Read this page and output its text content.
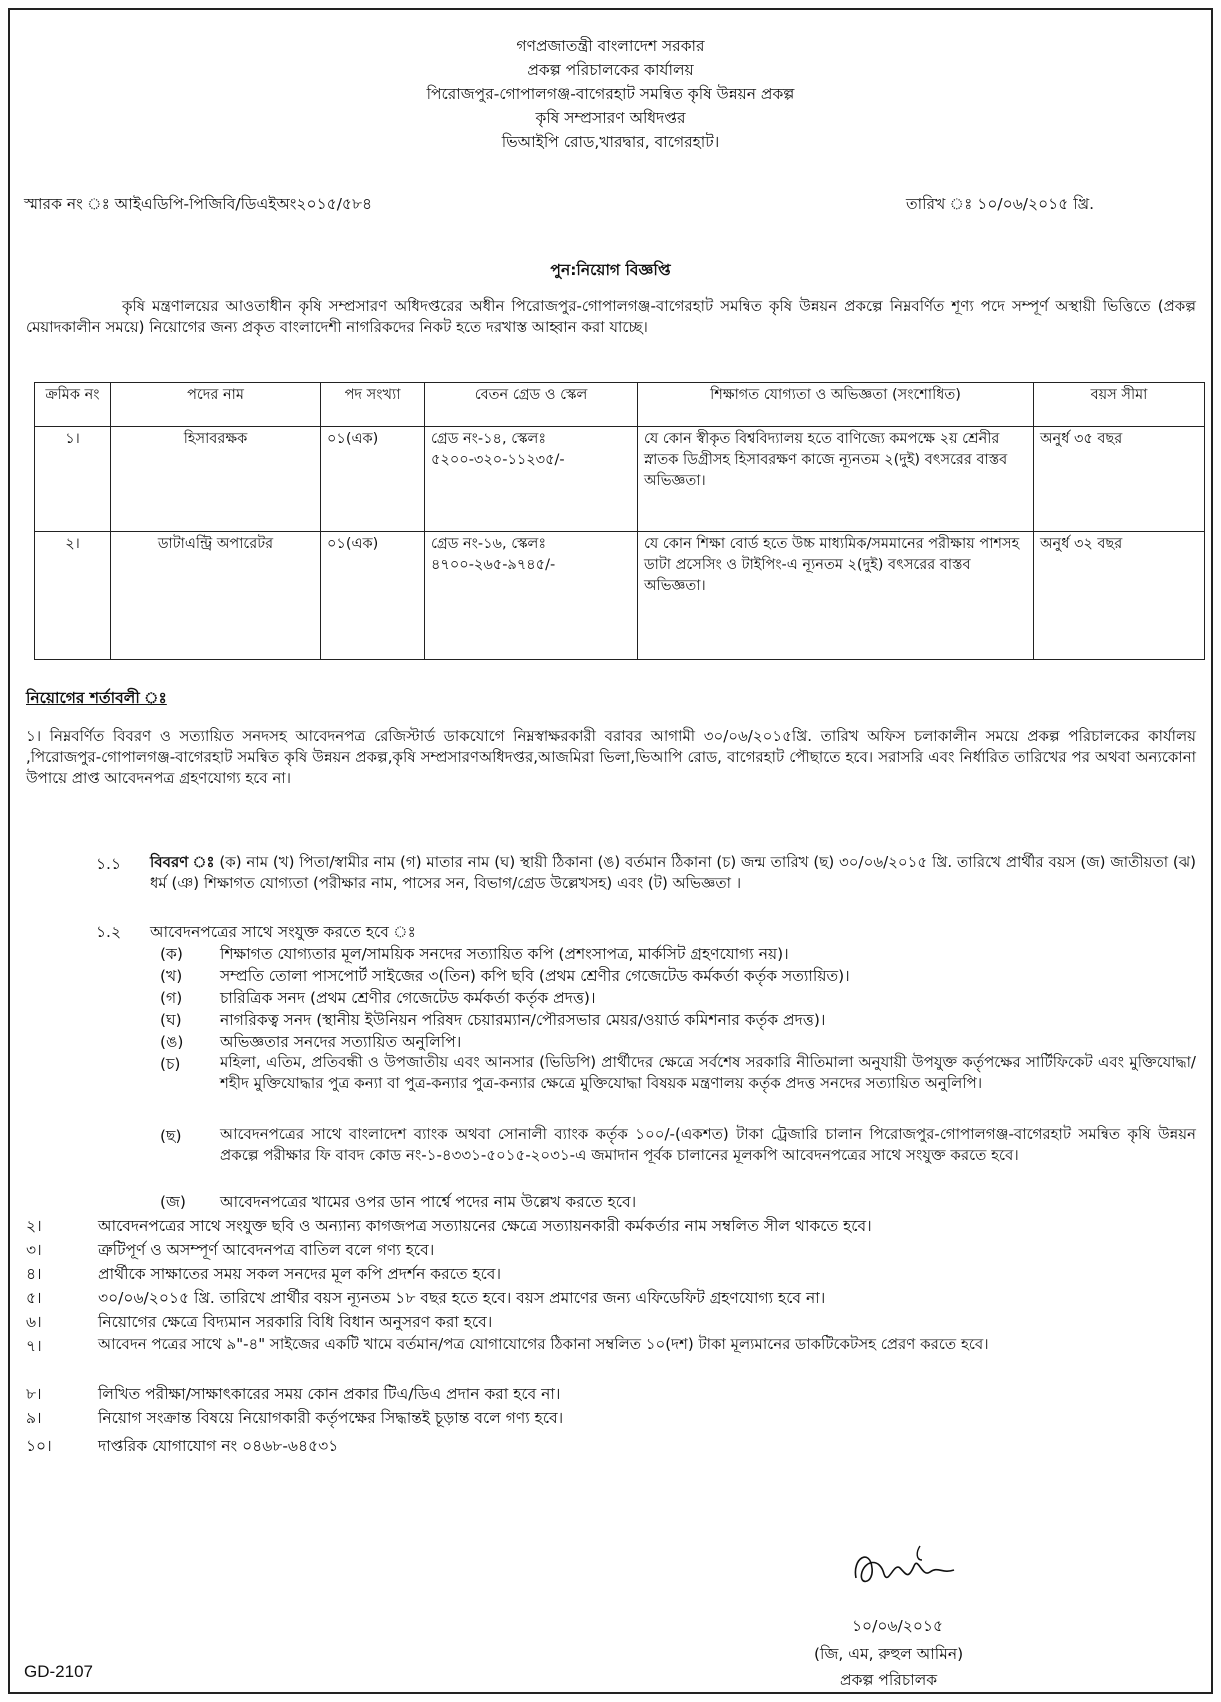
গণপ্রজাতন্ত্রী বাংলাদেশ সরকার
প্রকল্প পরিচালকের কার্যালয়
পিরোজপুর-গোপালগঞ্জ-বাগেরহাট সমন্বিত কৃষি উন্নয়ন প্রকল্প
কৃষি সম্প্রসারণ অধিদপ্তর
ভিআইপি রোড,খারদ্বার, বাগেরহাট।
স্মারক নং ঃ আইএডিপি-পিজিবি/ডিএইঅং২০১৫/৫৮৪	তারিখ ঃ ১০/০৬/২০১৫ খ্রি.
পুন:নিয়োগ বিজ্ঞপ্তি
কৃষি মন্ত্রণালয়ের আওতাধীন কৃষি সম্প্রসারণ অধিদপ্তরের অধীন পিরোজপুর-গোপালগঞ্জ-বাগেরহাট সমন্বিত কৃষি উন্নয়ন প্রকল্পে নিম্নবর্ণিত শূণ্য পদে সম্পূর্ণ অস্থায়ী ভিত্তিতে (প্রকল্প মেয়াদকালীন সময়ে) নিয়োগের জন্য প্রকৃত বাংলাদেশী নাগরিকদের নিকট হতে দরখাস্ত আহ্বান করা যাচ্ছে।
ক্রমিক নং	পদের নাম	পদ সংখ্যা	বেতন গ্রেড ও স্কেল	শিক্ষাগত যোগ্যতা ও অভিজ্ঞতা (সংশোধিত)	বয়স সীমা
১।	হিসাবরক্ষক	০১(এক)	গ্রেড নং-১৪, স্কেলঃ ৫২০০-৩২০-১১২৩৫/-	যে কোন স্বীকৃত বিশ্ববিদ্যালয় হতে বাণিজ্যে কমপক্ষে ২য় শ্রেনীর স্নাতক ডিগ্রীসহ হিসাবরক্ষণ কাজে ন্যূনতম ২(দুই) বৎসরের বাস্তব অভিজ্ঞতা।	অনুর্ধ ৩৫ বছর
২।	ডাটাএন্ট্রি অপারেটর	০১(এক)	গ্রেড নং-১৬, স্কেলঃ ৪৭০০-২৬৫-৯৭৪৫/-	যে কোন শিক্ষা বোর্ড হতে উচ্চ মাধ্যমিক/সমমানের পরীক্ষায় পাশসহ ডাটা প্রসেসিং ও টাইপিং-এ ন্যূনতম ২(দুই) বৎসরের বাস্তব অভিজ্ঞতা।	অনুর্ধ ৩২ বছর
নিয়োগের শর্তাবলী ঃ
১। নিম্নবর্ণিত বিবরণ ও সত্যায়িত সনদসহ আবেদনপত্র রেজিস্টার্ড ডাকযোগে নিম্নস্বাক্ষরকারী বরাবর আগামী ৩০/০৬/২০১৫খ্রি. তারিখ অফিস চলাকালীন সময়ে প্রকল্প পরিচালকের কার্যালয় ,পিরোজপুর-গোপালগঞ্জ-বাগেরহাট সমন্বিত কৃষি উন্নয়ন প্রকল্প,কৃষি সম্প্রসারণঅধিদপ্তর,আজমিরা ভিলা,ভিআপি রোড, বাগেরহাট পৌছাতে হবে। সরাসরি এবং নির্ধারিত তারিখের পর অথবা অন্যকোনা উপায়ে প্রাপ্ত আবেদনপত্র গ্রহণযোগ্য হবে না।
১.১ বিবরণ ঃ (ক) নাম (খ) পিতা/স্বামীর নাম (গ) মাতার নাম (ঘ) স্থায়ী ঠিকানা (ঙ) বর্তমান ঠিকানা (চ) জন্ম তারিখ (ছ) ৩০/০৬/২০১৫ খ্রি. তারিখে প্রার্থীর বয়স (জ) জাতীয়তা (ঝ) ধর্ম (ঞ) শিক্ষাগত যোগ্যতা (পরীক্ষার নাম, পাসের সন, বিভাগ/গ্রেড উল্লেখসহ) এবং (ট) অভিজ্ঞতা ।
১.২ আবেদনপত্রের সাথে সংযুক্ত করতে হবে ঃ
(ক) শিক্ষাগত যোগ্যতার মূল/সাময়িক সনদের সত্যায়িত কপি (প্রশংসাপত্র, মার্কসিট গ্রহণযোগ্য নয়)।
(খ) সম্প্রতি তোলা পাসপোর্ট সাইজের ৩(তিন) কপি ছবি (প্রথম শ্রেণীর গেজেটেড কর্মকর্তা কর্তৃক সত্যায়িত)।
(গ) চারিত্রিক সনদ (প্রথম শ্রেণীর গেজেটেড কর্মকর্তা কর্তৃক প্রদত্ত)।
(ঘ) নাগরিকত্ব সনদ (স্থানীয় ইউনিয়ন পরিষদ চেয়ারম্যান/পৌরসভার মেয়র/ওয়ার্ড কমিশনার কর্তৃক প্রদত্ত)।
(ঙ) অভিজ্ঞতার সনদের সত্যায়িত অনুলিপি।
(চ)	মহিলা, এতিম, প্রতিবন্ধী ও উপজাতীয় এবং আনসার (ভিডিপি) প্রার্থীদের ক্ষেত্রে সর্বশেষ সরকারি নীতিমালা অনুযায়ী উপযুক্ত কর্তৃপক্ষের সার্টিফিকেট এবং মুক্তিযোদ্ধা/শহীদ মুক্তিযোদ্ধার পুত্র কন্যা বা পুত্র-কন্যার পুত্র-কন্যার ক্ষেত্রে মুক্তিযোদ্ধা বিষয়ক মন্ত্রণালয় কর্তৃক প্রদত্ত সনদের সত্যায়িত অনুলিপি।
(ছ)	আবেদনপত্রের সাথে বাংলাদেশ ব্যাংক অথবা সোনালী ব্যাংক কর্তৃক ১০০/-(একশত) টাকা ট্রেজারি চালান পিরোজপুর-গোপালগঞ্জ-বাগেরহাট সমন্বিত কৃষি উন্নয়ন প্রকল্পে পরীক্ষার ফি বাবদ কোড নং-১-৪৩৩১-৫০১৫-২০৩১-এ জমাদান পূর্বক চালানের মূলকপি আবেদনপত্রের সাথে সংযুক্ত করতে হবে।
(জ) আবেদনপত্রের খামের ওপর ডান পার্শ্বে পদের নাম উল্লেখ করতে হবে।
২।	আবেদনপত্রের সাথে সংযুক্ত ছবি ও অন্যান্য কাগজপত্র সত্যায়নের ক্ষেত্রে সত্যায়নকারী কর্মকর্তার নাম সম্বলিত সীল থাকতে হবে।
৩।	ত্রুটিপূর্ণ ও অসম্পূর্ণ আবেদনপত্র বাতিল বলে গণ্য হবে।
৪।	প্রার্থীকে সাক্ষাতের সময় সকল সনদের মূল কপি প্রদর্শন করতে হবে।
৫।	৩০/০৬/২০১৫ খ্রি. তারিখে প্রার্থীর বয়স ন্যূনতম ১৮ বছর হতে হবে। বয়স প্রমাণের জন্য এফিডেফিট গ্রহণযোগ্য হবে না।
৬।	নিয়োগের ক্ষেত্রে বিদ্যমান সরকারি বিধি বিধান অনুসরণ করা হবে।
৭।	আবেদন পত্রের সাথে ৯"-৪" সাইজের একটি খামে বর্তমান/পত্র যোগাযোগের ঠিকানা সম্বলিত ১০(দশ) টাকা মূল্যমানের ডাকটিকেটসহ প্রেরণ করতে হবে।
৮।	লিখিত পরীক্ষা/সাক্ষাৎকারের সময় কোন প্রকার টিএ/ডিএ প্রদান করা হবে না।
৯।	নিয়োগ সংক্রান্ত বিষয়ে নিয়োগকারী কর্তৃপক্ষের সিদ্ধান্তই চূড়ান্ত বলে গণ্য হবে।
১০।	দাপ্তরিক যোগাযোগ নং ০৪৬৮-৬৪৫৩১
১০/০৬/২০১৫
(জি, এম, রুহুল আমিন)
প্রকল্প পরিচালক
GD-2107
